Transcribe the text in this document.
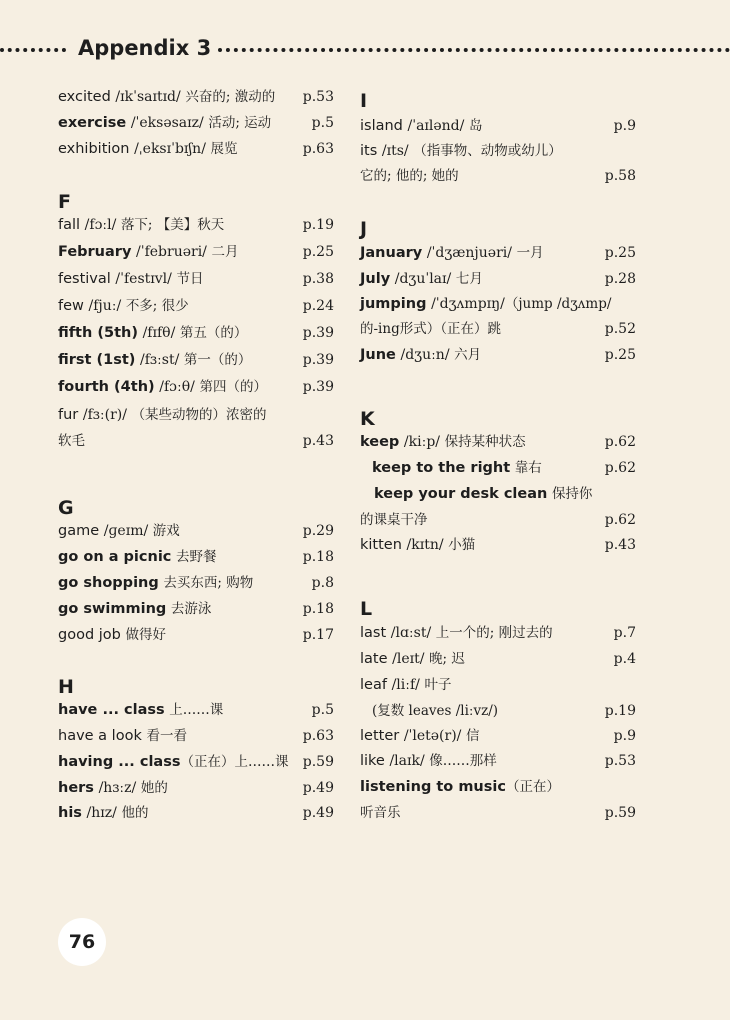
Appendix 3
excited /ɪkˈsaɪtɪd/ 兴奋的; 激动的 p.53
exercise /ˈeksəsaɪz/ 活动; 运动	p.5
exhibition /ˌeksɪˈbɪʃn/ 展览	p.63
F
fall /fɔːl/ 落下; 【美】秋天	p.19
February /ˈfebruəri/ 二月	p.25
festival /ˈfestɪvl/ 节日	p.38
few /fjuː/ 不多; 很少	p.24
fifth (5th) /fɪfθ/ 第五（的）	p.39
first (1st) /fɜːst/ 第一（的）	p.39
fourth (4th) /fɔːθ/ 第四（的）	p.39
fur /fɜː(r)/ （某些动物的）浓密的
软毛	p.43
G
game /ɡeɪm/ 游戏	p.29
go on a picnic 去野餐	p.18
go shopping 去买东西; 购物	p.8
go swimming 去游泳	p.18
good job 做得好	p.17
H
have ... class 上……课	p.5
have a look 看一看	p.63
having ... class（正在）上……课 p.59
hers /hɜːz/ 她的	p.49
his /hɪz/ 他的	p.49
I
island /ˈaɪlənd/ 岛	p.9
its /ɪts/ （指事物、动物或幼儿）
它的; 他的; 她的	p.58
J
January /ˈdʒænjuəri/ 一月	p.25
July /dʒuˈlaɪ/ 七月	p.28
jumping /ˈdʒʌmpɪŋ/（jump /dʒʌmp/
的-ing形式）（正在）跳	p.52
June /dʒuːn/ 六月	p.25
K
keep /kiːp/ 保持某种状态	p.62
keep to the right 靠右	p.62
keep your desk clean 保持你
的课桌干净	p.62
kitten /kɪtn/ 小猫	p.43
L
last /lɑːst/ 上一个的; 刚过去的	p.7
late /leɪt/ 晚; 迟	p.4
leaf /liːf/ 叶子
(复数 leaves /liːvz/)	p.19
letter /ˈletə(r)/ 信	p.9
like /laɪk/ 像……那样	p.53
listening to music（正在）
听音乐	p.59
76
